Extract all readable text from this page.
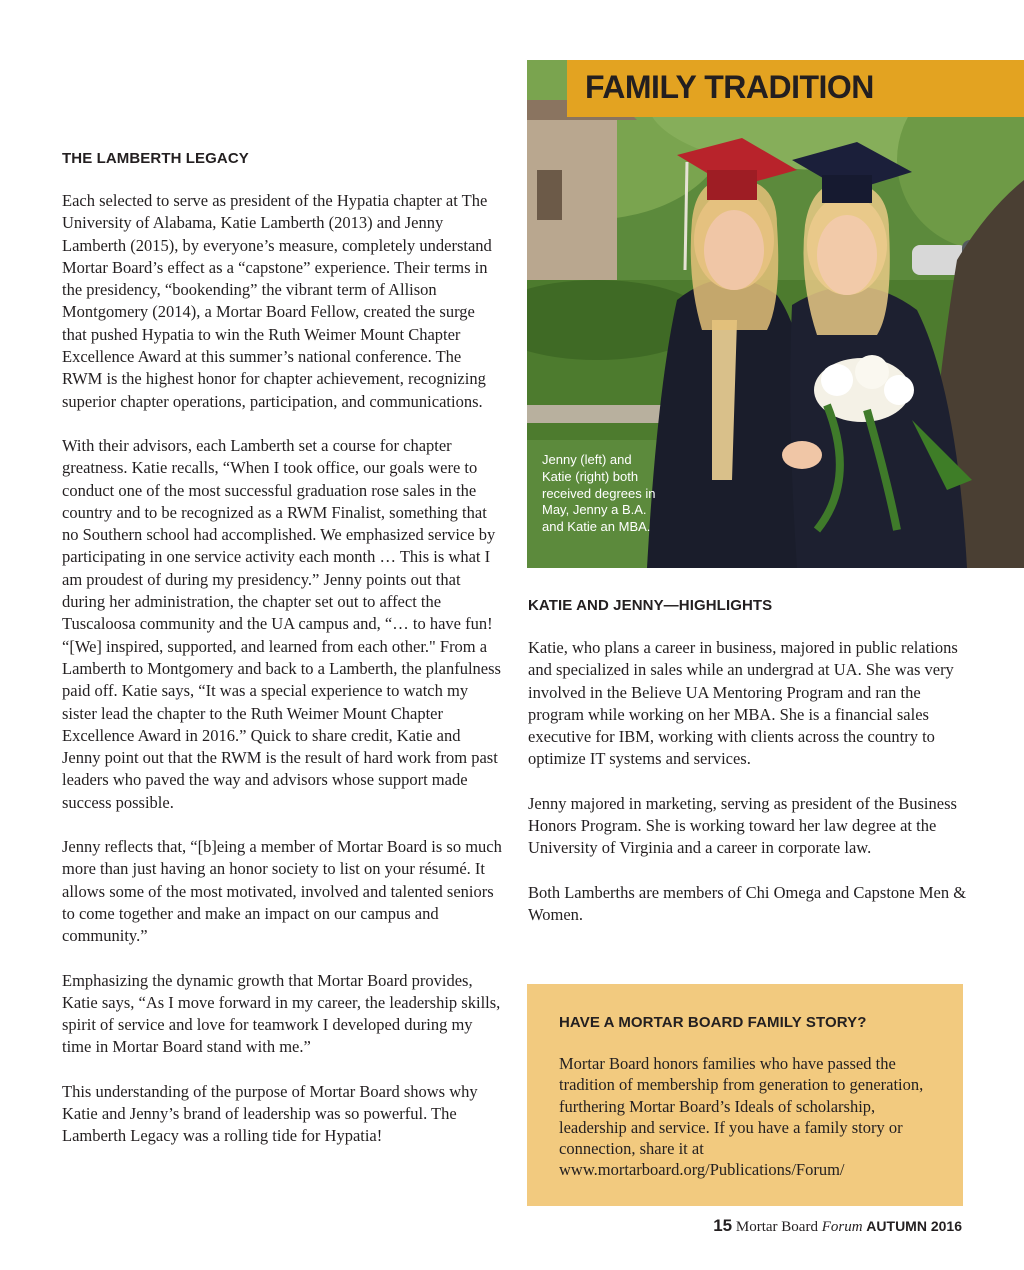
THE LAMBERTH LEGACY

Each selected to serve as president of the Hypatia chapter at The University of Alabama, Katie Lamberth (2013) and Jenny Lamberth (2015), by everyone’s measure, completely understand Mortar Board’s effect as a “capstone” experience. Their terms in the presidency, “bookending” the vibrant term of Allison Montgomery (2014), a Mortar Board Fellow, created the surge that pushed Hypatia to win the Ruth Weimer Mount Chapter Excellence Award at this summer’s national conference. The RWM is the highest honor for chapter achievement, recognizing superior chapter operations, participation, and communications.

With their advisors, each Lamberth set a course for chapter greatness. Katie recalls, “When I took office, our goals were to conduct one of the most successful graduation rose sales in the country and to be recognized as a RWM Finalist, something that no Southern school had accomplished. We emphasized service by participating in one service activity each month … This is what I am proudest of during my presidency.” Jenny points out that during her administration, the chapter set out to affect the Tuscaloosa community and the UA campus and, “… to have fun! “[We] inspired, supported, and learned from each other." From a Lamberth to Montgomery and back to a Lamberth, the planfulness paid off. Katie says, “It was a special experience to watch my sister lead the chapter to the Ruth Weimer Mount Chapter Excellence Award in 2016.” Quick to share credit, Katie and Jenny point out that the RWM is the result of hard work from past leaders who paved the way and advisors whose support made success possible.

Jenny reflects that, “[b]eing a member of Mortar Board is so much more than just having an honor society to list on your résumé. It allows some of the most motivated, involved and talented seniors to come together and make an impact on our campus and community.”

Emphasizing the dynamic growth that Mortar Board provides, Katie says, “As I move forward in my career, the leadership skills, spirit of service and love for teamwork I developed during my time in Mortar Board stand with me.”

This understanding of the purpose of Mortar Board shows why Katie and Jenny’s brand of leadership was so powerful. The Lamberth Legacy was a rolling tide for Hypatia!

FAMILY TRADITION
Jenny (left) and Katie (right) both received degrees in May, Jenny a B.A. and Katie an MBA.
KATIE AND JENNY—HIGHLIGHTS

Katie, who plans a career in business, majored in public relations and specialized in sales while an undergrad at UA. She was very involved in the Believe UA Mentoring Program and ran the program while working on her MBA. She is a financial sales executive for IBM, working with clients across the country to optimize IT systems and services.

Jenny majored in marketing, serving as president of the Business Honors Program. She is working toward her law degree at the University of Virginia and a career in corporate law.

Both Lamberths are members of Chi Omega and Capstone Men & Women.

HAVE A MORTAR BOARD FAMILY STORY?

Mortar Board honors families who have passed the tradition of membership from generation to generation, furthering Mortar Board’s Ideals of scholarship, leadership and service. If you have a family story or connection, share it at www.mortarboard.org/Publications/Forum/

15 Mortar Board Forum AUTUMN 2016
